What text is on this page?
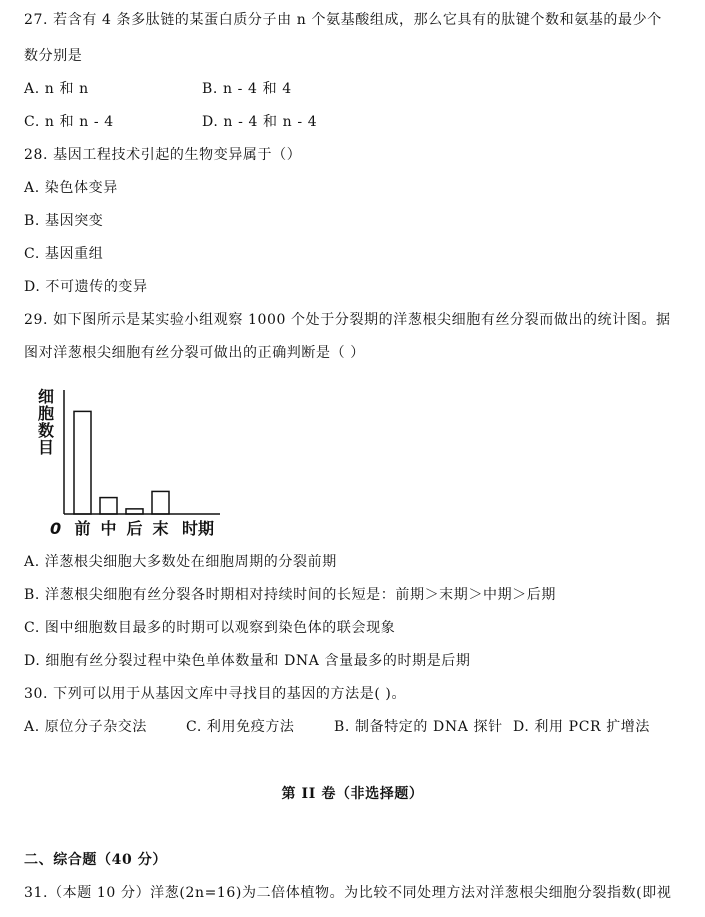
27. 若含有 4 条多肽链的某蛋白质分子由 n 个氨基酸组成，那么它具有的肽键个数和氨基的最少个
数分别是
A. n 和 n	B. n - 4 和 4
C. n 和 n - 4	D. n - 4 和 n - 4
28. 基因工程技术引起的生物变异属于（）
A. 染色体变异
B. 基因突变
C. 基因重组
D. 不可遗传的变异
29. 如下图所示是某实验小组观察 1000 个处于分裂期的洋葱根尖细胞有丝分裂而做出的统计图。据
图对洋葱根尖细胞有丝分裂可做出的正确判断是（ ）
细
胞
数
目
前 中 后 末
0	时期
A. 洋葱根尖细胞大多数处在细胞周期的分裂前期
B. 洋葱根尖细胞有丝分裂各时期相对持续时间的长短是：前期＞末期＞中期＞后期
C. 图中细胞数目最多的时期可以观察到染色体的联会现象
D. 细胞有丝分裂过程中染色单体数量和 DNA 含量最多的时期是后期
30. 下列可以用于从基因文库中寻找目的基因的方法是( )。
A. 原位分子杂交法	C. 利用免疫方法	B. 制备特定的 DNA 探针 D. 利用 PCR 扩增法
第 II 卷（非选择题）
二、综合题（40 分）
31.（本题 10 分）洋葱(2n=16)为二倍体植物。为比较不同处理方法对洋葱根尖细胞分裂指数(即视
